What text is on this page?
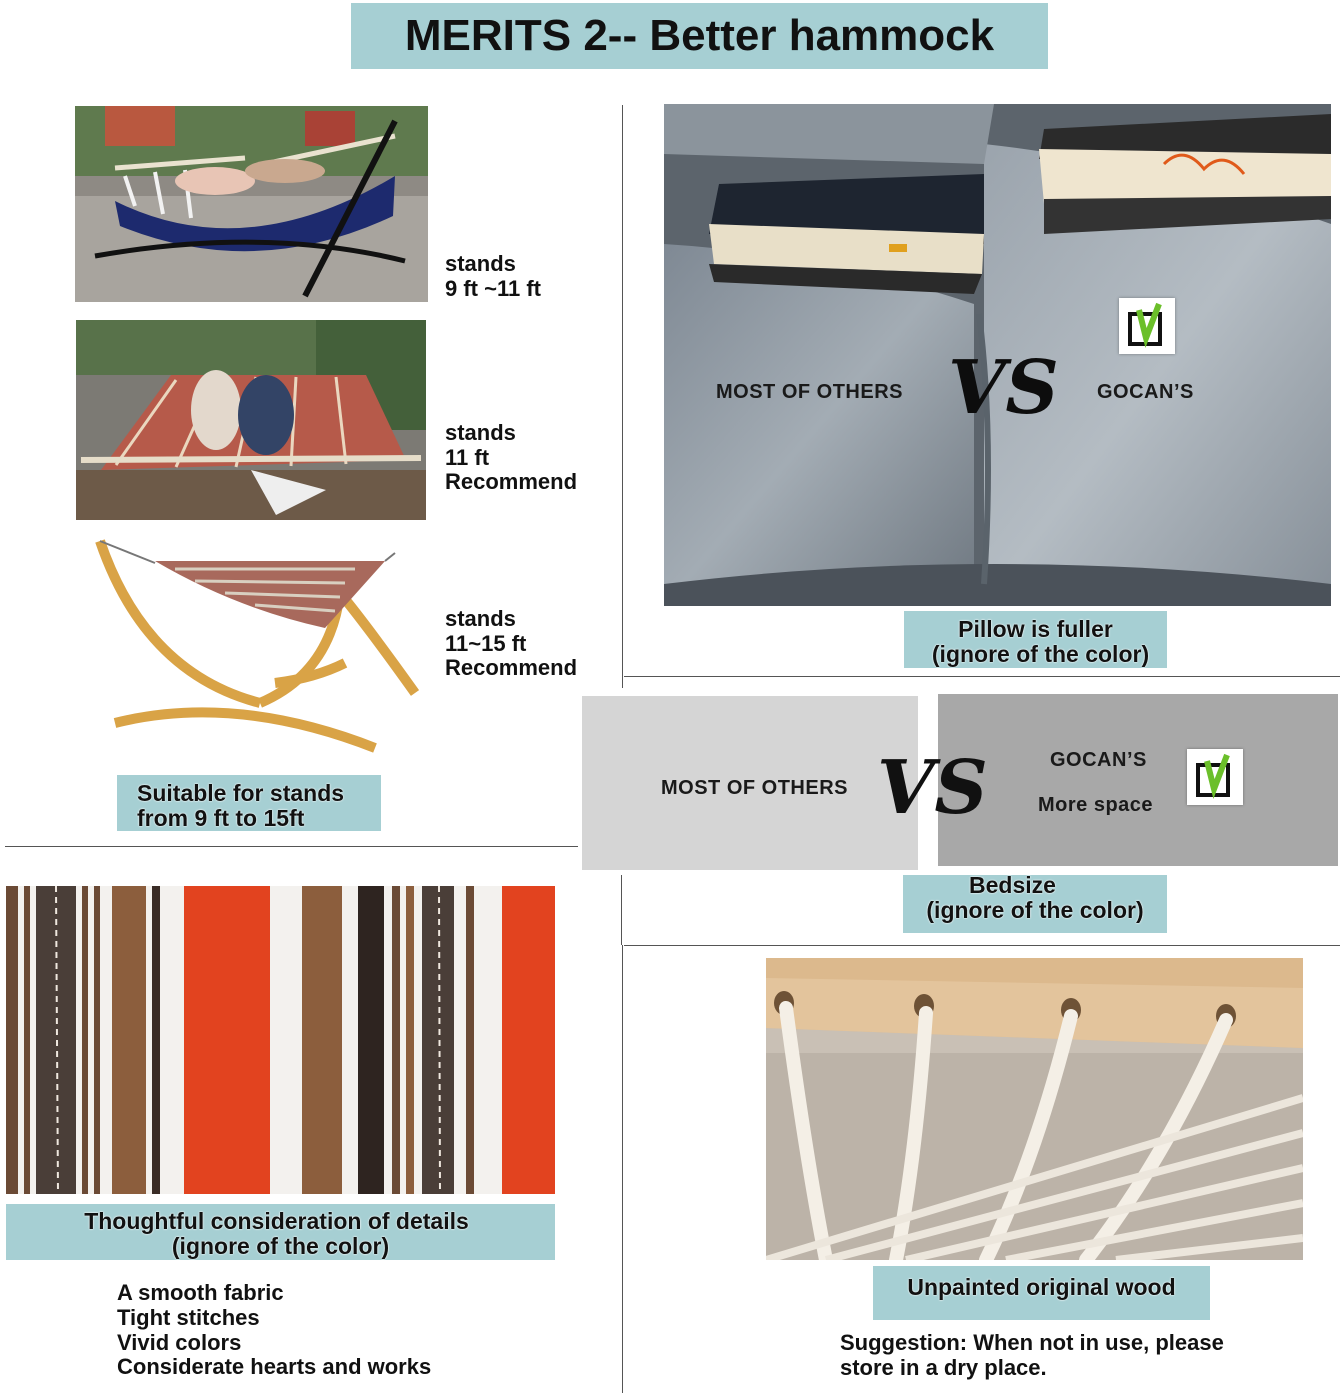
MERITS 2-- Better hammock
stands
9 ft ~11 ft
stands
11 ft
Recommend
stands
11~15 ft
Recommend
Suitable for stands
from 9 ft to 15ft
MOST OF OTHERS VS GOCAN’S
Pillow is fuller
(ignore of the color)
MOST OF OTHERS VS	GOCAN’S
More space
Bedsize
(ignore of the color)
Thoughtful consideration of details
(ignore of the color)
A smooth fabric
Tight stitches
Vivid colors
Considerate hearts and works
Unpainted original wood
Suggestion: When not in use, please
store in a dry place.
